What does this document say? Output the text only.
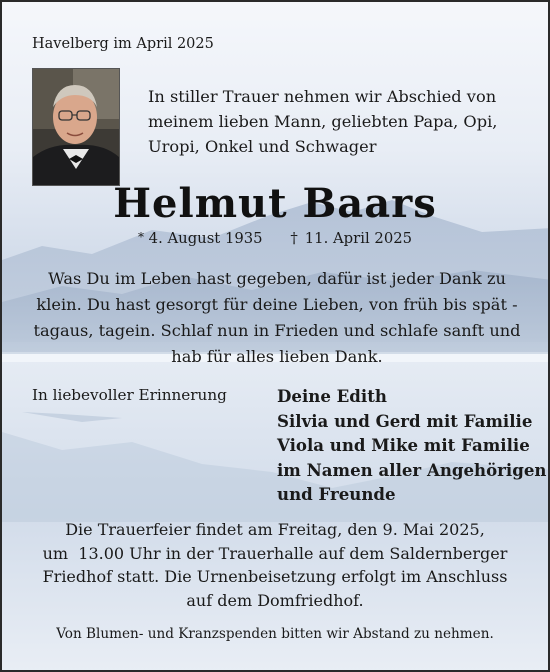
Havelberg im April 2025
In stiller Trauer nehmen wir Abschied von
meinem lieben Mann, geliebten Papa, Opi,
Uropi, Onkel und Schwager
Helmut Baars
* 4. August 1935 † 11. April 2025
Was Du im Leben hast gegeben, dafür ist jeder Dank zu
klein. Du hast gesorgt für deine Lieben, von früh bis spät -
tagaus, tagein. Schlaf nun in Frieden und schlafe sanft und
hab für alles lieben Dank.
In liebevoller Erinnerung	Deine Edith
Silvia und Gerd mit Familie
Viola und Mike mit Familie
im Namen aller Angehörigen
und Freunde
Die Trauerfeier findet am Freitag, den 9. Mai 2025,
um  13.00 Uhr in der Trauerhalle auf dem Saldernberger
Friedhof statt. Die Urnenbeisetzung erfolgt im Anschluss
auf dem Domfriedhof.
Von Blumen- und Kranzspenden bitten wir Abstand zu nehmen.
